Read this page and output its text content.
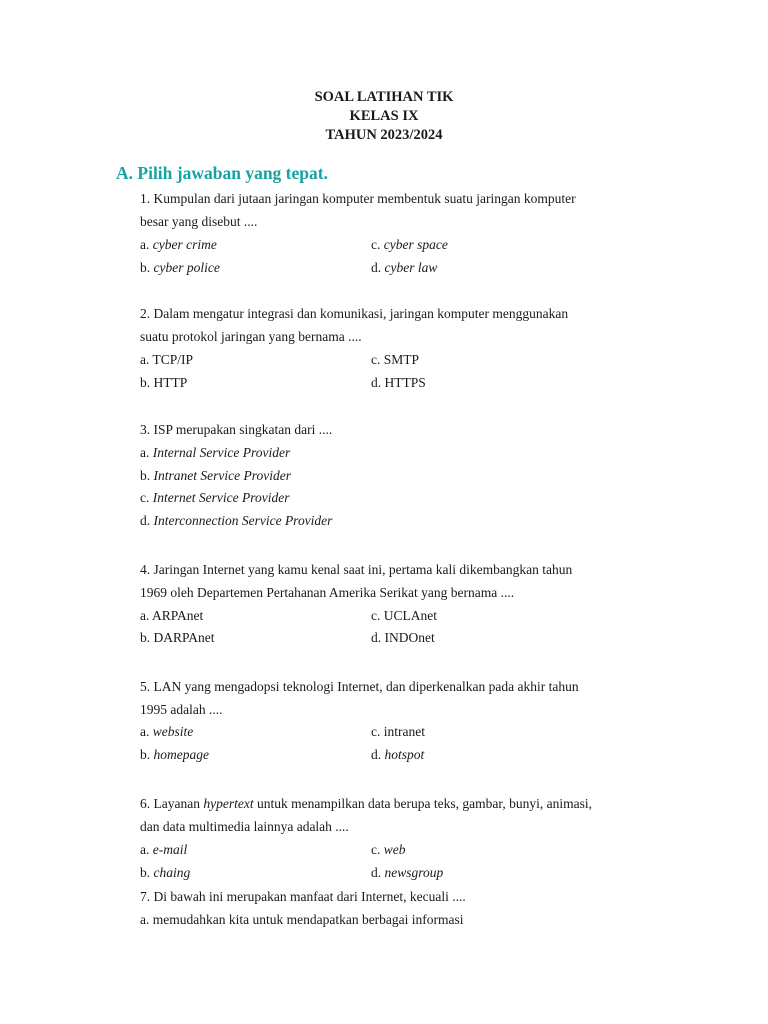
SOAL LATIHAN TIK
KELAS IX
TAHUN 2023/2024
A. Pilih jawaban yang tepat.
1. Kumpulan dari jutaan jaringan komputer membentuk suatu jaringan komputer
besar yang disebut ....
a. cyber crime	c. cyber space
b. cyber police	d. cyber law
2. Dalam mengatur integrasi dan komunikasi, jaringan komputer menggunakan
suatu protokol jaringan yang bernama ....
a. TCP/IP	c. SMTP
b. HTTP	d. HTTPS
3. ISP merupakan singkatan dari ....
a. Internal Service Provider
b. Intranet Service Provider
c. Internet Service Provider
d. Interconnection Service Provider
4. Jaringan Internet yang kamu kenal saat ini, pertama kali dikembangkan tahun
1969 oleh Departemen Pertahanan Amerika Serikat yang bernama ....
a. ARPAnet	c. UCLAnet
b. DARPAnet	d. INDOnet
5. LAN yang mengadopsi teknologi Internet, dan diperkenalkan pada akhir tahun
1995 adalah ....
a. website	c. intranet
b. homepage	d. hotspot
6. Layanan hypertext untuk menampilkan data berupa teks, gambar, bunyi, animasi,
dan data multimedia lainnya adalah ....
a. e-mail	c. web
b. chaing	d. newsgroup
7. Di bawah ini merupakan manfaat dari Internet, kecuali ....
a. memudahkan kita untuk mendapatkan berbagai informasi
